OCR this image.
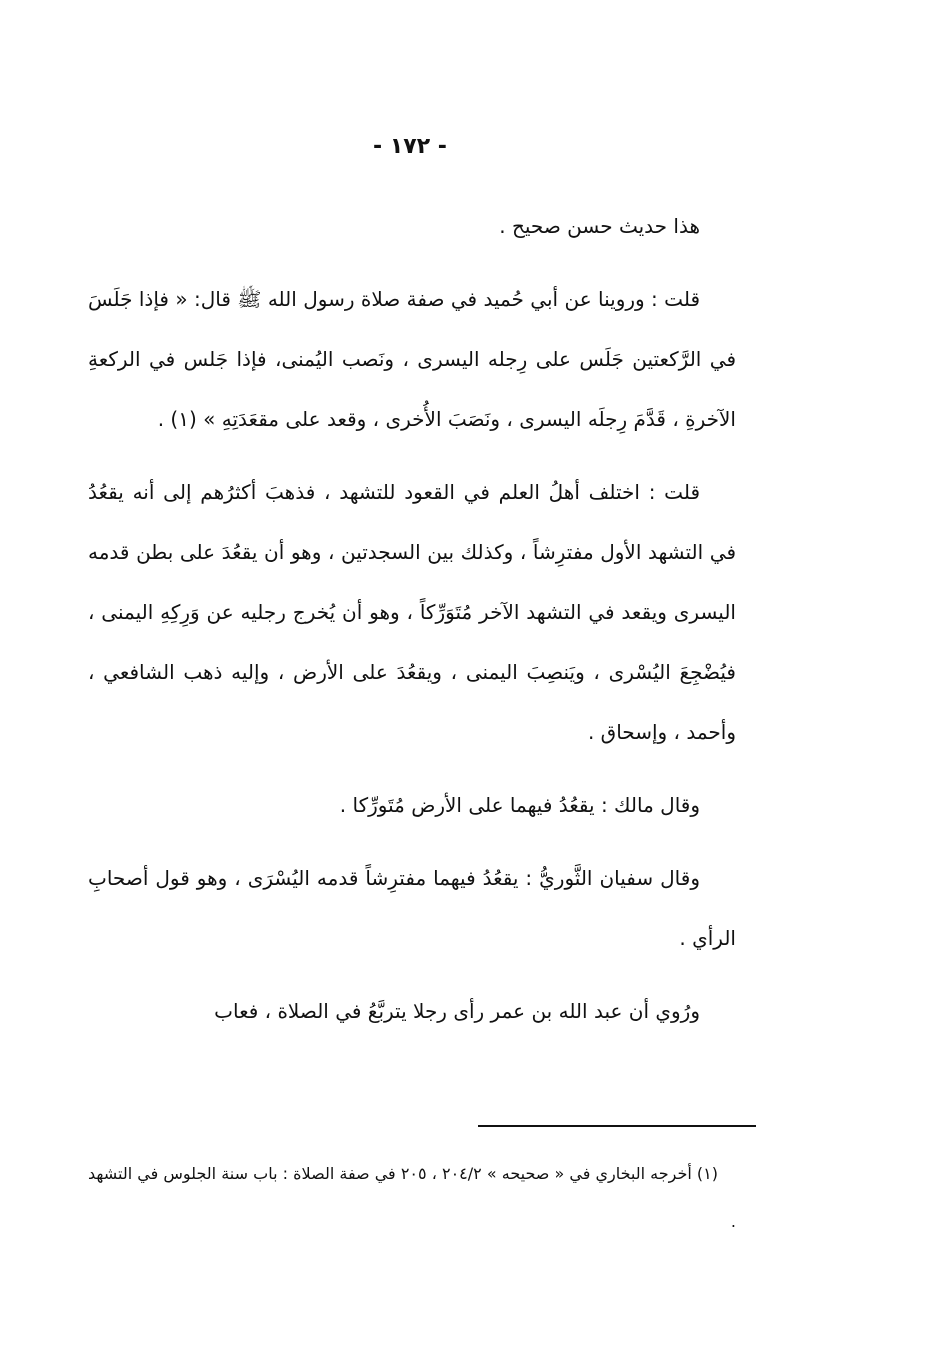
- ١٧٢ -

هذا حديث حسن صحيح .

قلت : وروينا عن أبي حُميد في صفة صلاة رسول الله ﷺ قال: « فإذا جَلَسَ في الرَّكعتين جَلَس على رِجله اليسرى ، ونَصب اليُمنى، فإذا جَلس في الركعةِ الآخرةِ ، قَدَّمَ رِجلَه اليسرى ، ونَصَبَ الأُخرى ، وقعد على مقعَدَتِهِ » (١) .

قلت : اختلف أهلُ العلم في القعود للتشهد ، فذهبَ أكثرُهم إلى أنه يقعُدُ في التشهد الأول مفترِشاً ، وكذلك بين السجدتين ، وهو أن يقعُدَ على بطن قدمه اليسرى ويقعد في التشهد الآخر مُتَوَرِّكاً ، وهو أن يُخرج رجليه عن وَرِكِهِ اليمنى ، فيُضْجِعَ اليُسْرى ، ويَنصِبَ اليمنى ، ويقعُدَ على الأرض ، وإليه ذهب الشافعي ، وأحمد ، وإسحاق .

وقال مالك : يقعُدُ فيهما على الأرض مُتَورِّكا .

وقال سفيان الثَّوريُّ : يقعُدُ فيهما مفترِشاً قدمه اليُسْرَى ، وهو قول أصحابِ الرأي .

ورُوي أن عبد الله بن عمر رأى رجلا يتربَّعُ في الصلاة ، فعاب

(١) أخرجه البخاري في « صحيحه » ٢٠٤/٢ ، ٢٠٥ في صفة الصلاة : باب سنة الجلوس في التشهد .
